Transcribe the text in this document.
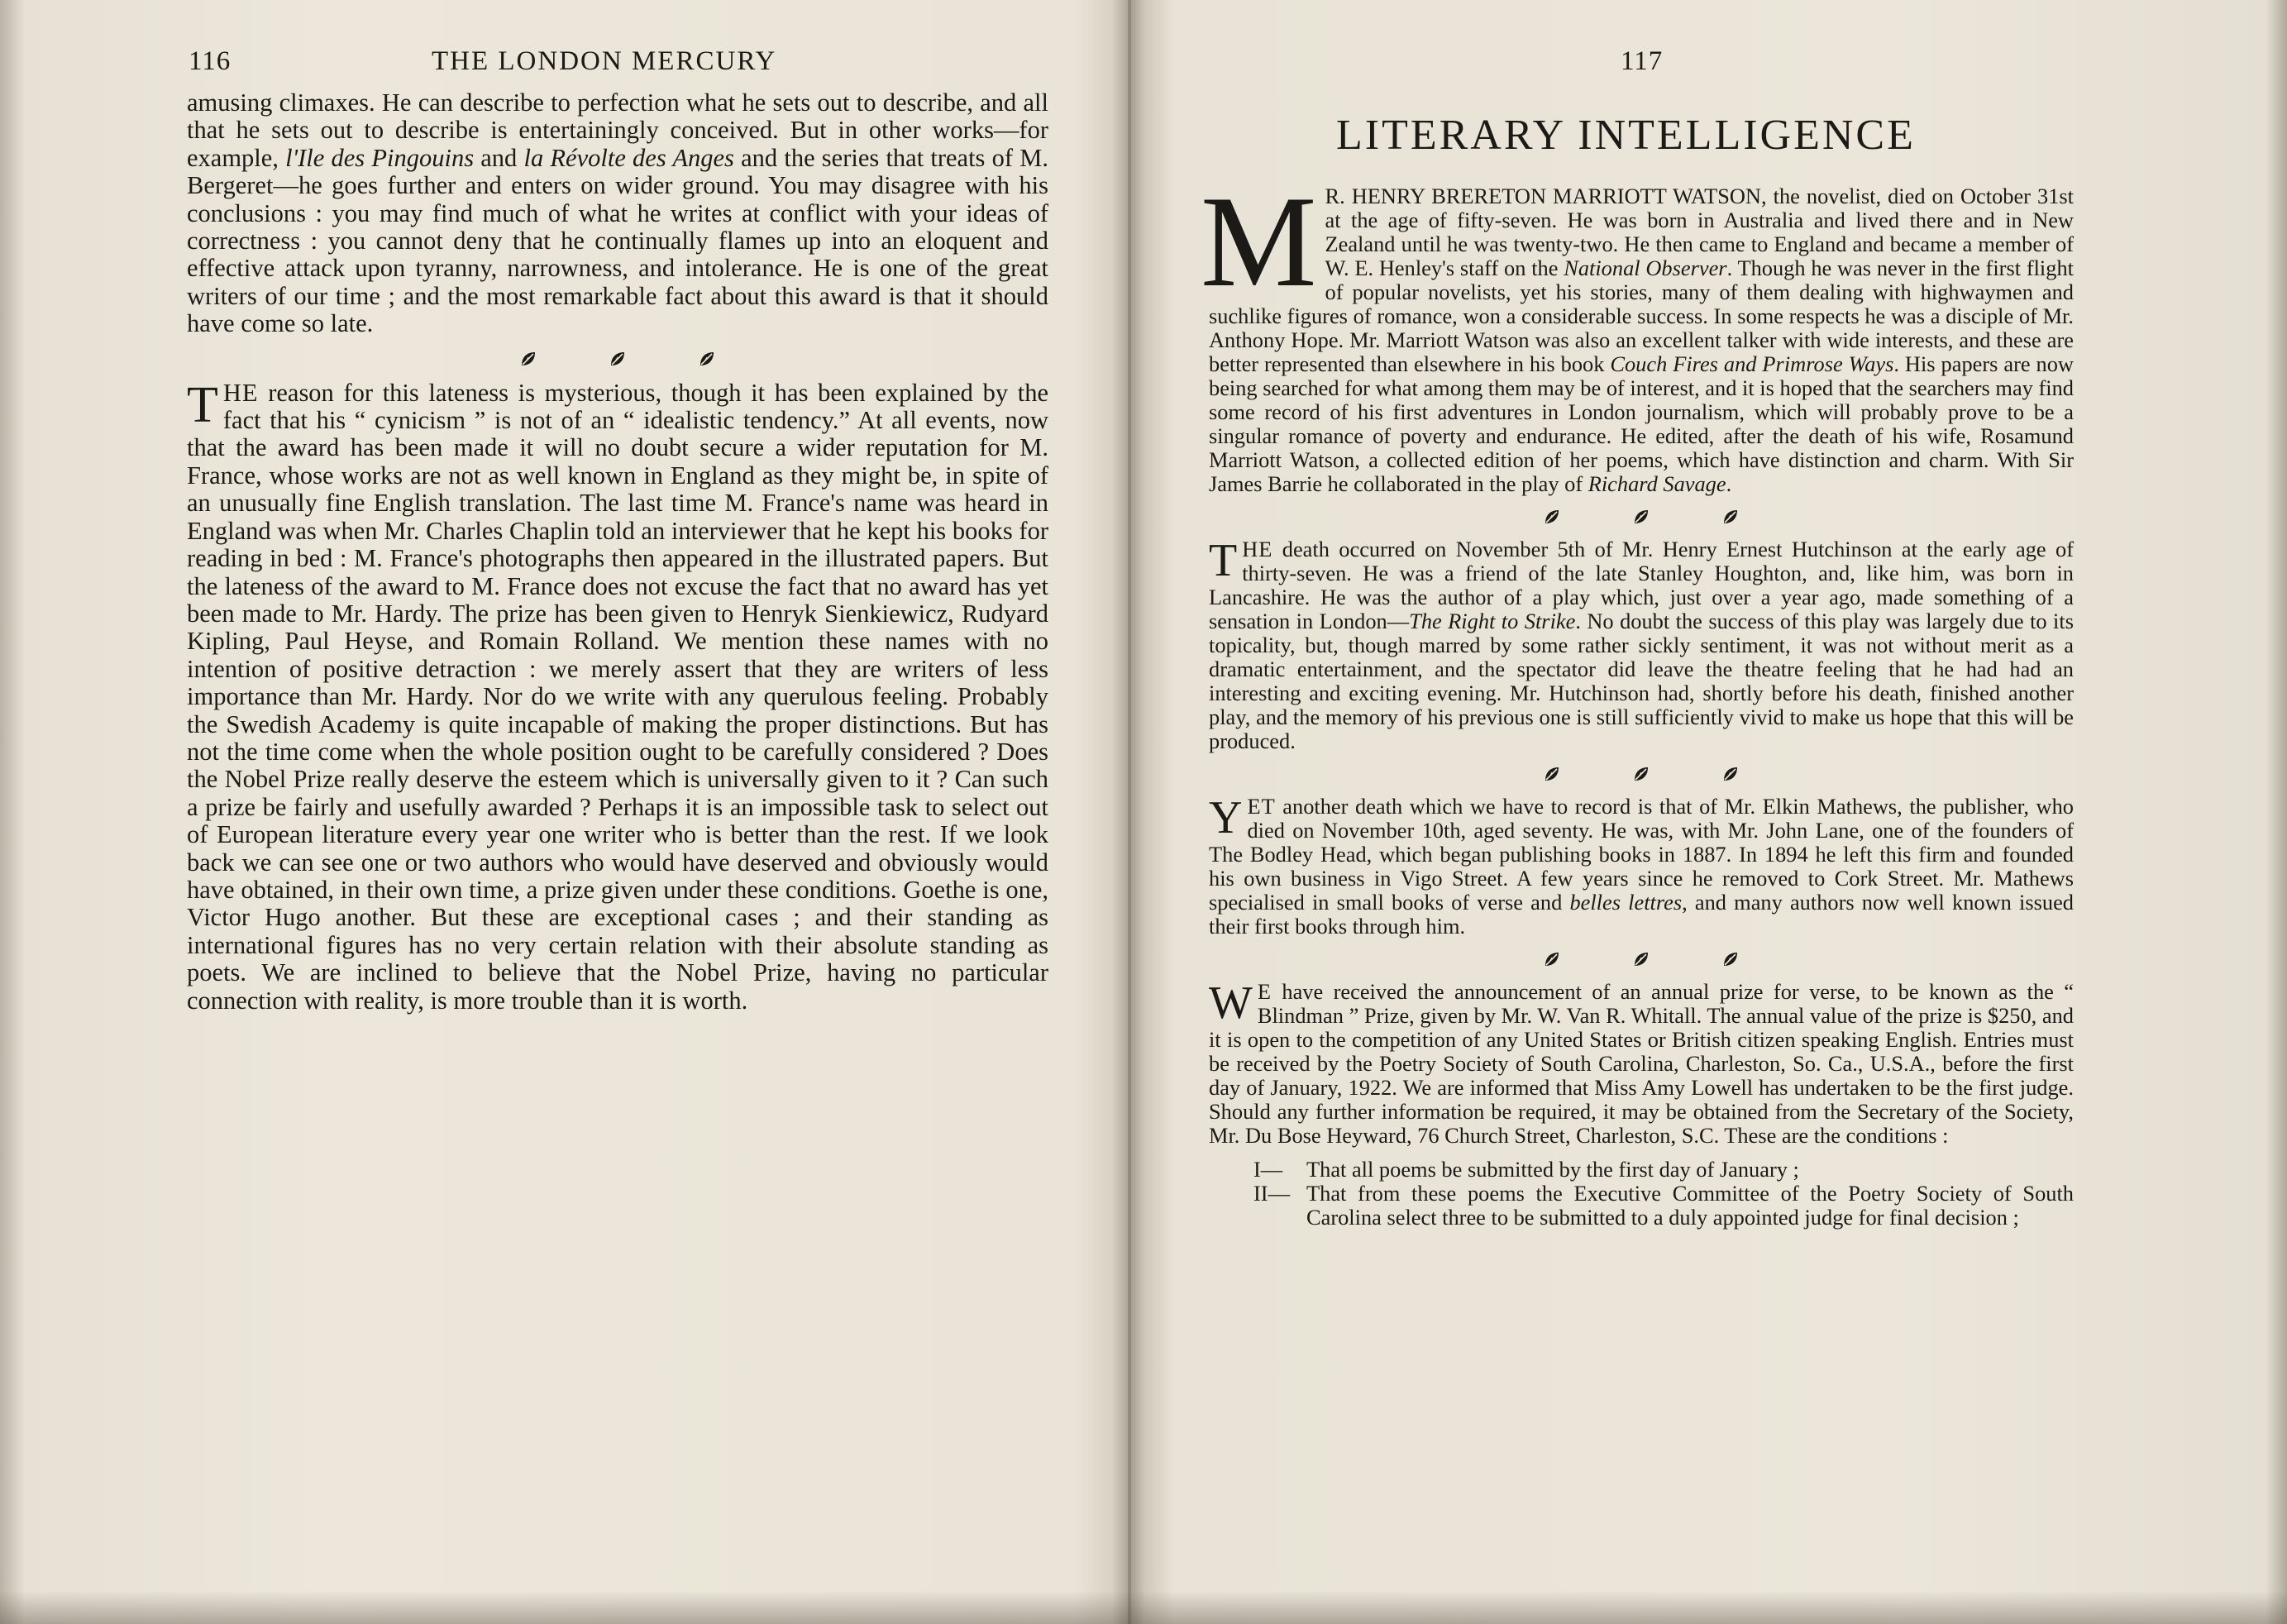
116	THE LONDON MERCURY

amusing climaxes. He can describe to perfection what he sets out to describe, and all that he sets out to describe is entertainingly conceived. But in other works—for example, l'Ile des Pingouins and la Révolte des Anges and the series that treats of M. Bergeret—he goes further and enters on wider ground. You may disagree with his conclusions : you may find much of what he writes at conflict with your ideas of correctness : you cannot deny that he continually flames up into an eloquent and effective attack upon tyranny, narrowness, and intolerance. He is one of the great writers of our time ; and the most remarkable fact about this award is that it should have come so late.

THE reason for this lateness is mysterious, though it has been explained by the fact that his “ cynicism ” is not of an “ idealistic tendency.” At all events, now that the award has been made it will no doubt secure a wider reputation for M. France, whose works are not as well known in England as they might be, in spite of an unusually fine English translation. The last time M. France's name was heard in England was when Mr. Charles Chaplin told an interviewer that he kept his books for reading in bed : M. France's photographs then appeared in the illustrated papers. But the lateness of the award to M. France does not excuse the fact that no award has yet been made to Mr. Hardy. The prize has been given to Henryk Sienkiewicz, Rudyard Kipling, Paul Heyse, and Romain Rolland. We mention these names with no intention of positive detraction : we merely assert that they are writers of less importance than Mr. Hardy. Nor do we write with any querulous feeling. Probably the Swedish Academy is quite incapable of making the proper distinctions. But has not the time come when the whole position ought to be carefully considered ? Does the Nobel Prize really deserve the esteem which is universally given to it ? Can such a prize be fairly and usefully awarded ? Perhaps it is an impossible task to select out of European literature every year one writer who is better than the rest. If we look back we can see one or two authors who would have deserved and obviously would have obtained, in their own time, a prize given under these conditions. Goethe is one, Victor Hugo another. But these are exceptional cases ; and their standing as international figures has no very certain relation with their absolute standing as poets. We are inclined to believe that the Nobel Prize, having no particular connection with reality, is more trouble than it is worth.

117
LITERARY INTELLIGENCE

M R. HENRY BRERETON MARRIOTT WATSON, the novelist, died on October 31st at the age of fifty-seven. He was born in Australia and lived there and in New Zealand until he was twenty-two. He then came to England and became a member of W. E. Henley's staff on the National Observer. Though he was never in the first flight of popular novelists, yet his stories, many of them dealing with highwaymen and suchlike figures of romance, won a considerable success. In some respects he was a disciple of Mr. Anthony Hope. Mr. Marriott Watson was also an excellent talker with wide interests, and these are better represented than elsewhere in his book Couch Fires and Primrose Ways. His papers are now being searched for what among them may be of interest, and it is hoped that the searchers may find some record of his first adventures in London journalism, which will probably prove to be a singular romance of poverty and endurance. He edited, after the death of his wife, Rosamund Marriott Watson, a collected edition of her poems, which have distinction and charm. With Sir James Barrie he collaborated in the play of Richard Savage.

THE death occurred on November 5th of Mr. Henry Ernest Hutchinson at the early age of thirty-seven. He was a friend of the late Stanley Houghton, and, like him, was born in Lancashire. He was the author of a play which, just over a year ago, made something of a sensation in London—The Right to Strike. No doubt the success of this play was largely due to its topicality, but, though marred by some rather sickly sentiment, it was not without merit as a dramatic entertainment, and the spectator did leave the theatre feeling that he had had an interesting and exciting evening. Mr. Hutchinson had, shortly before his death, finished another play, and the memory of his previous one is still sufficiently vivid to make us hope that this will be produced.

YET another death which we have to record is that of Mr. Elkin Mathews, the publisher, who died on November 10th, aged seventy. He was, with Mr. John Lane, one of the founders of The Bodley Head, which began publishing books in 1887. In 1894 he left this firm and founded his own business in Vigo Street. A few years since he removed to Cork Street. Mr. Mathews specialised in small books of verse and belles lettres, and many authors now well known issued their first books through him.

W E have received the announcement of an annual prize for verse, to be known as the “ Blindman ” Prize, given by Mr. W. Van R. Whitall. The annual value of the prize is $250, and it is open to the competition of any United States or British citizen speaking English. Entries must be received by the Poetry Society of South Carolina, Charleston, So. Ca., U.S.A., before the first day of January, 1922. We are informed that Miss Amy Lowell has undertaken to be the first judge. Should any further information be required, it may be obtained from the Secretary of the Society, Mr. Du Bose Heyward, 76 Church Street, Charleston, S.C. These are the conditions :

I—	That all poems be submitted by the first day of January ;
II— That from these poems the Executive Committee of the Poetry Society of South Carolina select three to be submitted to a duly appointed judge for final decision ;
